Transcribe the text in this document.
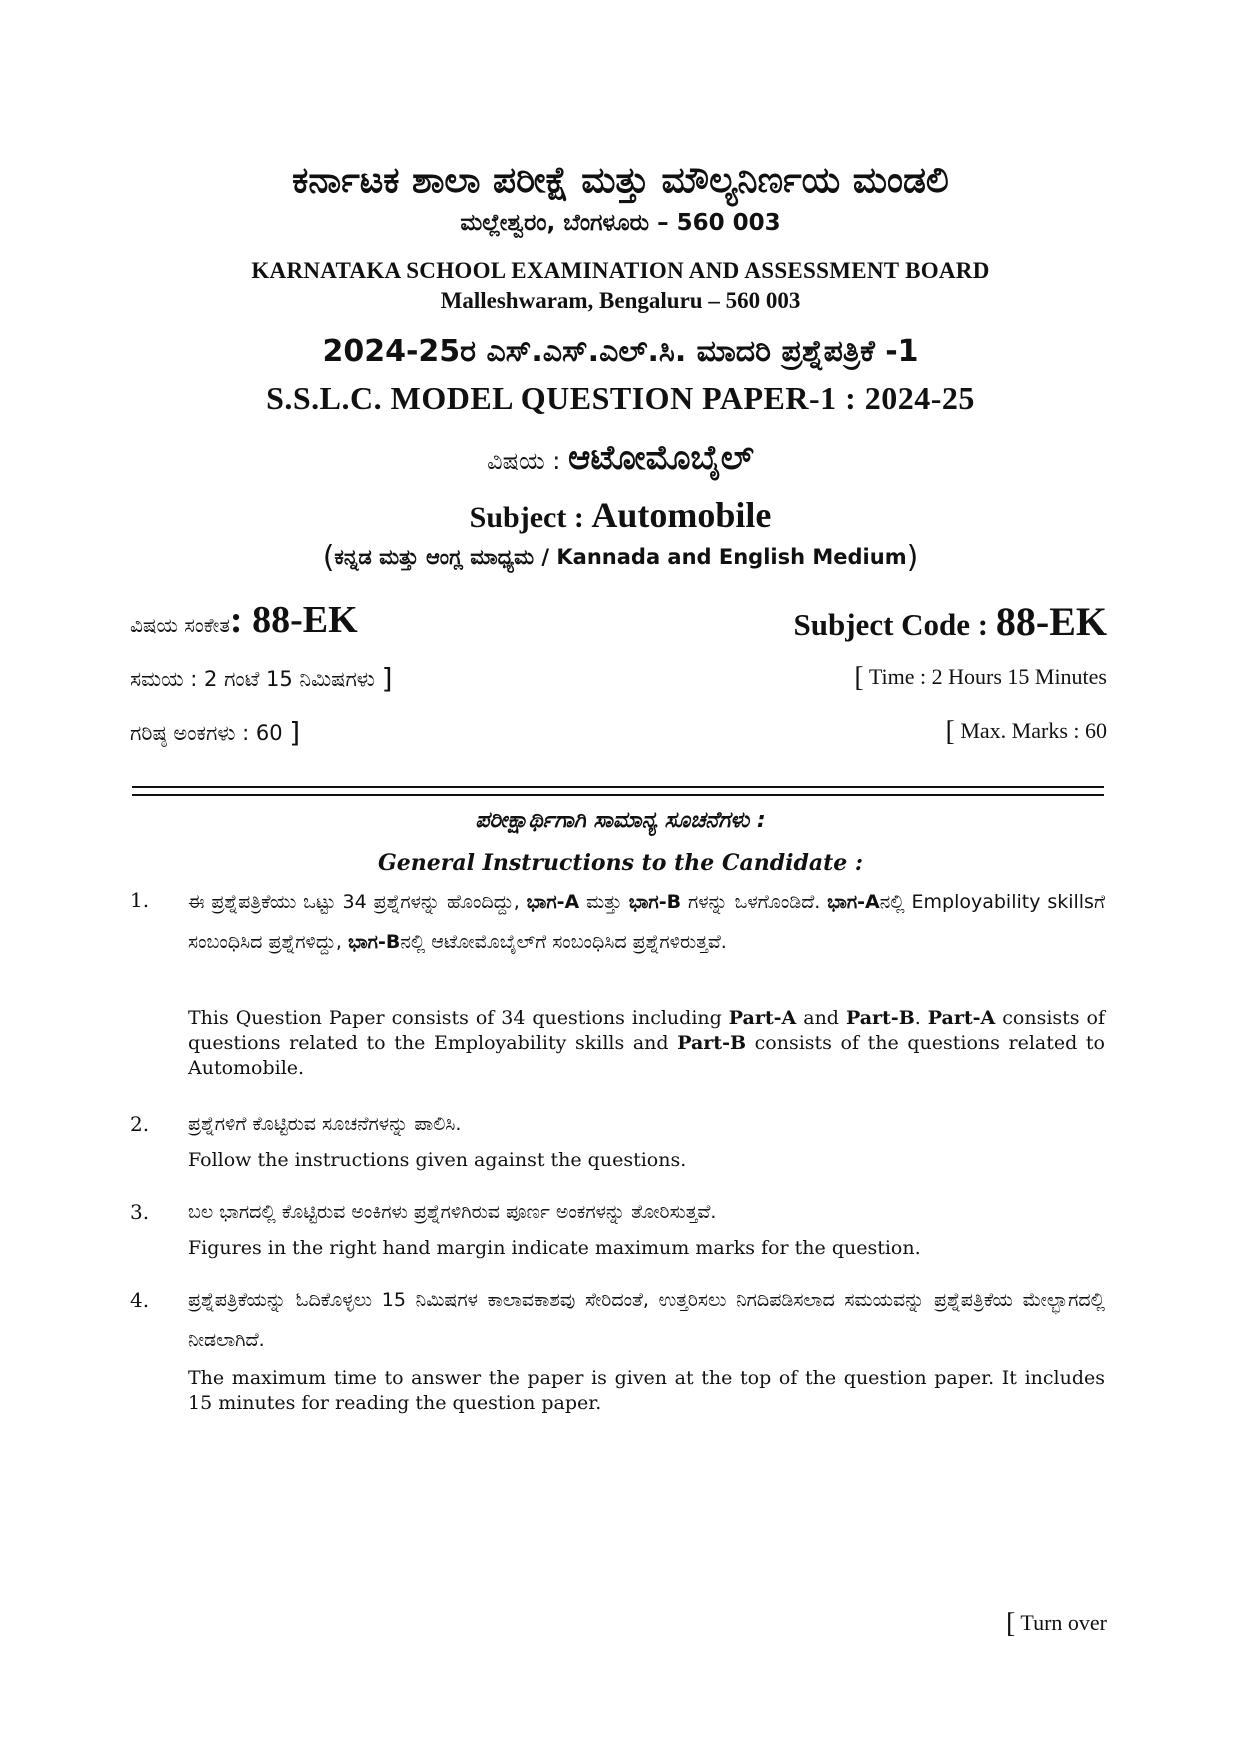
ಕರ್ನಾಟಕ ಶಾಲಾ ಪರೀಕ್ಷೆ ಮತ್ತು ಮೌಲ್ಯನಿರ್ಣಯ ಮಂಡಲಿ
ಮಲ್ಲೇಶ್ವರಂ, ಬೆಂಗಳೂರು – 560 003
KARNATAKA SCHOOL EXAMINATION AND ASSESSMENT BOARD
Malleshwaram, Bengaluru – 560 003
2024-25ರ ಎಸ್.ಎಸ್.ಎಲ್.ಸಿ. ಮಾದರಿ ಪ್ರಶ್ನೆಪತ್ರಿಕೆ -1
S.S.L.C. MODEL QUESTION PAPER-1 : 2024-25
ವಿಷಯ : ಆಟೋಮೊಬೈಲ್
Subject : Automobile
(ಕನ್ನಡ ಮತ್ತು ಆಂಗ್ಲ ಮಾಧ್ಯಮ / Kannada and English Medium)
ವಿಷಯ ಸಂಕೇತ: 88-EK	Subject Code : 88-EK
ಸಮಯ : 2 ಗಂಟೆ 15 ನಿಮಿಷಗಳು ]	[ Time : 2 Hours 15 Minutes
ಗರಿಷ್ಠ ಅಂಕಗಳು : 60 ]	[ Max. Marks : 60
ಪರೀಕ್ಷಾರ್ಥಿಗಾಗಿ ಸಾಮಾನ್ಯ ಸೂಚನೆಗಳು :
General Instructions to the Candidate :
1. ಈ ಪ್ರಶ್ನೆಪತ್ರಿಕೆಯು ಒಟ್ಟು 34 ಪ್ರಶ್ನೆಗಳನ್ನು ಹೊಂದಿದ್ದು, ಭಾಗ-A ಮತ್ತು ಭಾಗ-B ಗಳನ್ನು ಒಳಗೊಂಡಿದೆ. ಭಾಗ-Aನಲ್ಲಿ Employability skillsಗೆ ಸಂಬಂಧಿಸಿದ ಪ್ರಶ್ನೆಗಳಿದ್ದು, ಭಾಗ-Bನಲ್ಲಿ ಆಟೋಮೊಬೈಲ್‌ಗೆ ಸಂಬಂಧಿಸಿದ ಪ್ರಶ್ನೆಗಳಿರುತ್ತವೆ.
This Question Paper consists of 34 questions including Part-A and Part-B. Part-A consists of questions related to the Employability skills and Part-B consists of the questions related to Automobile.
2. ಪ್ರಶ್ನೆಗಳಿಗೆ ಕೊಟ್ಟಿರುವ ಸೂಚನೆಗಳನ್ನು ಪಾಲಿಸಿ.
Follow the instructions given against the questions.
3. ಬಲ ಭಾಗದಲ್ಲಿ ಕೊಟ್ಟಿರುವ ಅಂಕಿಗಳು ಪ್ರಶ್ನೆಗಳಿಗಿರುವ ಪೂರ್ಣ ಅಂಕಗಳನ್ನು ತೋರಿಸುತ್ತವೆ.
Figures in the right hand margin indicate maximum marks for the question.
4. ಪ್ರಶ್ನೆಪತ್ರಿಕೆಯನ್ನು ಓದಿಕೊಳ್ಳಲು 15 ನಿಮಿಷಗಳ ಕಾಲಾವಕಾಶವು ಸೇರಿದಂತೆ, ಉತ್ತರಿಸಲು ನಿಗದಿಪಡಿಸಲಾದ ಸಮಯವನ್ನು ಪ್ರಶ್ನೆಪತ್ರಿಕೆಯ ಮೇಲ್ಭಾಗದಲ್ಲಿ ನೀಡಲಾಗಿದೆ.
The maximum time to answer the paper is given at the top of the question paper. It includes 15 minutes for reading the question paper.
[ Turn over
